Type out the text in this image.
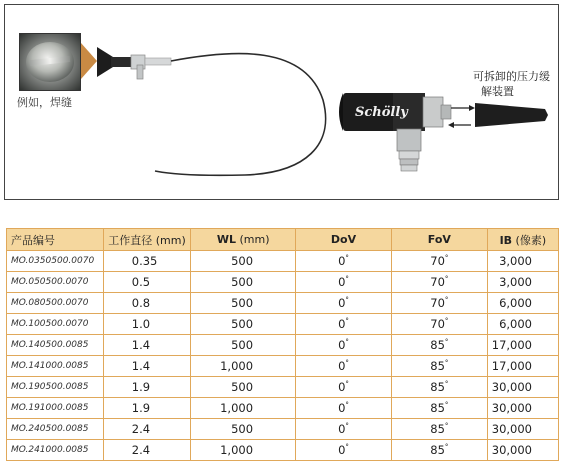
例如，焊缝
Schölly
可拆卸的压力缓
解装置
产品编号	工作直径 (mm)	WL (mm)	DoV	FoV	IB (像素)
MO.0350500.0070	0.35	500	0°	70°	3,000
MO.050500.0070	0.5	500	0°	70°	3,000
MO.080500.0070	0.8	500	0°	70°	6,000
MO.100500.0070	1.0	500	0°	70°	6,000
MO.140500.0085	1.4	500	0°	85°	17,000
MO.141000.0085	1.4	1,000	0°	85°	17,000
MO.190500.0085	1.9	500	0°	85°	30,000
MO.191000.0085	1.9	1,000	0°	85°	30,000
MO.240500.0085	2.4	500	0°	85°	30,000
MO.241000.0085	2.4	1,000	0°	85°	30,000
